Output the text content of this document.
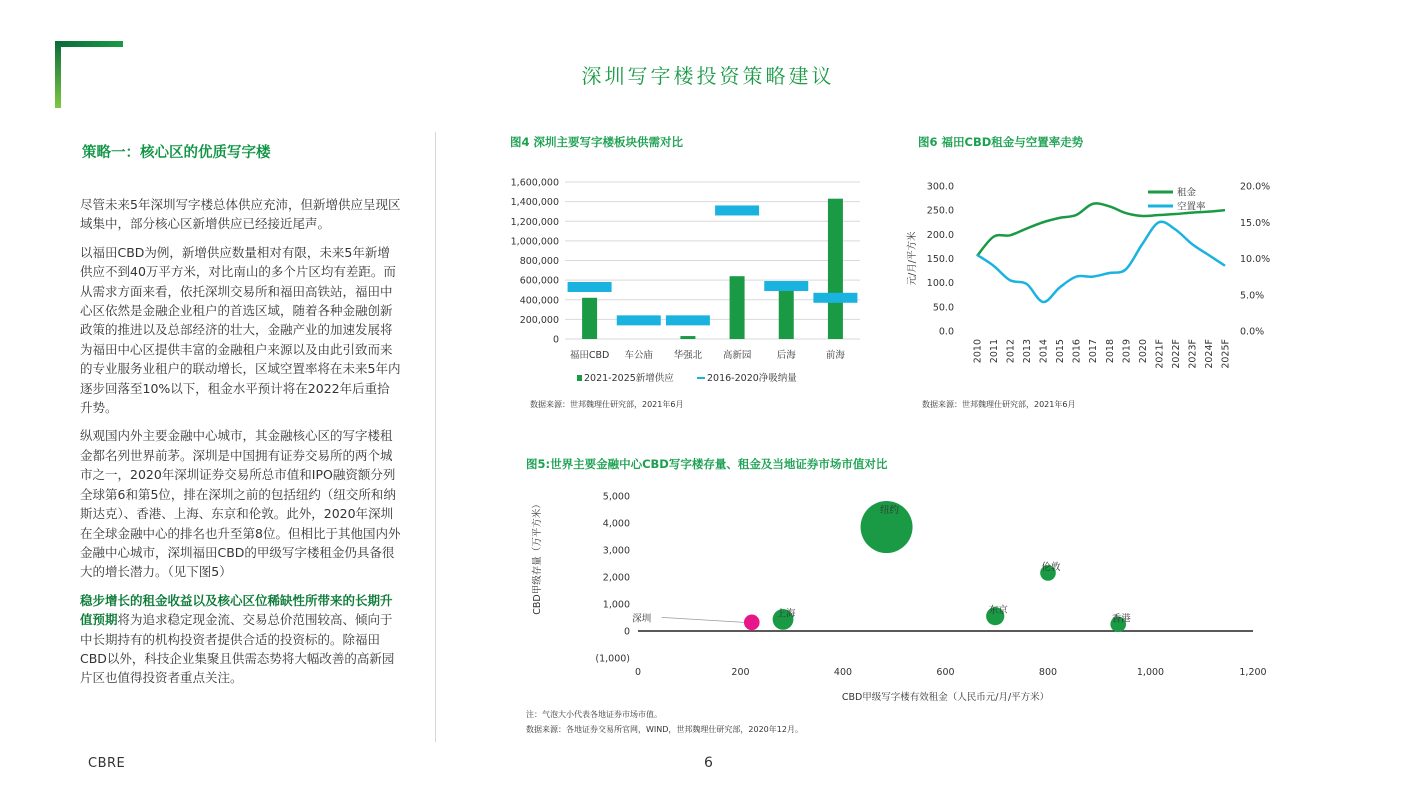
深圳写字楼投资策略建议
策略一：核心区的优质写字楼

尽管未来5年深圳写字楼总体供应充沛，但新增供应呈现区域集中，部分核心区新增供应已经接近尾声。

以福田CBD为例，新增供应数量相对有限，未来5年新增供应不到40万平方米，对比南山的多个片区均有差距。而从需求方面来看，依托深圳交易所和福田高铁站，福田中心区依然是金融企业租户的首选区域，随着各种金融创新政策的推进以及总部经济的壮大，金融产业的加速发展将为福田中心区提供丰富的金融租户来源以及由此引致而来的专业服务业租户的联动增长，区域空置率将在未来5年内逐步回落至10%以下，租金水平预计将在2022年后重拾升势。

纵观国内外主要金融中心城市，其金融核心区的写字楼租金都名列世界前茅。深圳是中国拥有证券交易所的两个城市之一，2020年深圳证券交易所总市值和IPO融资额分列全球第6和第5位，排在深圳之前的包括纽约（纽交所和纳斯达克）、香港、上海、东京和伦敦。此外，2020年深圳在全球金融中心的排名也升至第8位。但相比于其他国内外金融中心城市，深圳福田CBD的甲级写字楼租金仍具备很大的增长潜力。（见下图5）

稳步增长的租金收益以及核心区位稀缺性所带来的长期升值预期将为追求稳定现金流、交易总价范围较高、倾向于中长期持有的机构投资者提供合适的投资标的。除福田CBD以外，科技企业集聚且供需态势将大幅改善的高新园片区也值得投资者重点关注。

图4 深圳主要写字楼板块供需对比
0
200,000
400,000
600,000
800,000
1,000,000
1,200,000
1,400,000
1,600,000
福田CBD 车公庙 华强北 高新园	后海	前海
2021-2025新增供应	2016-2020净吸纳量
数据来源：世邦魏理仕研究部，2021年6月
图6 福田CBD租金与空置率走势
元/月/平方米
0.0
50.0
100.0
150.0
200.0
250.0
300.0
0.0%
5.0%
10.0%
15.0%
20.0%
2010 2011 2012 2013 2014 2015 2016 2017 2018 2019 2020 2021F 2022F 2023F 2024F 2025F
租金
空置率
数据来源：世邦魏理仕研究部，2021年6月
图5:世界主要金融中心CBD写字楼存量、租金及当地证券市场市值对比
(1,000)
0
1,000
2,000
3,000
4,000
5,000
0	200	400	600	800	1,000	1,200
CBD甲级写字楼有效租金（人民币元/月/平方米）
CBD甲级存量（万平方米）
深圳	上海
纽约
东京
伦敦
香港
注：气泡大小代表各地证券市场市值。
数据来源：各地证券交易所官网，WIND，世邦魏理仕研究部，2020年12月。
CBRE	6
